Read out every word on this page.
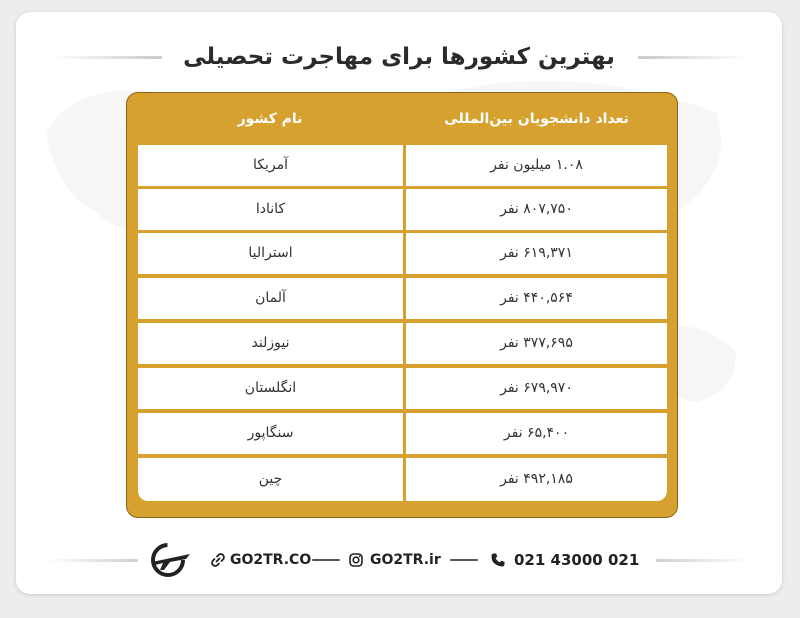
بهترین کشورها برای مهاجرت تحصیلی
نام کشور	تعداد دانشجویان بین‌المللی
آمریکا	۱.۰۸ میلیون نفر
کانادا	۸۰۷,۷۵۰ نفر
استرالیا	۶۱۹,۳۷۱ نفر
آلمان	۴۴۰,۵۶۴ نفر
نیوزلند	۳۷۷,۶۹۵ نفر
انگلستان	۶۷۹,۹۷۰ نفر
سنگاپور	۶۵,۴۰۰ نفر
چین	۴۹۲,۱۸۵ نفر
GO2TR.CO	GO2TR.ir	021 43000 021
